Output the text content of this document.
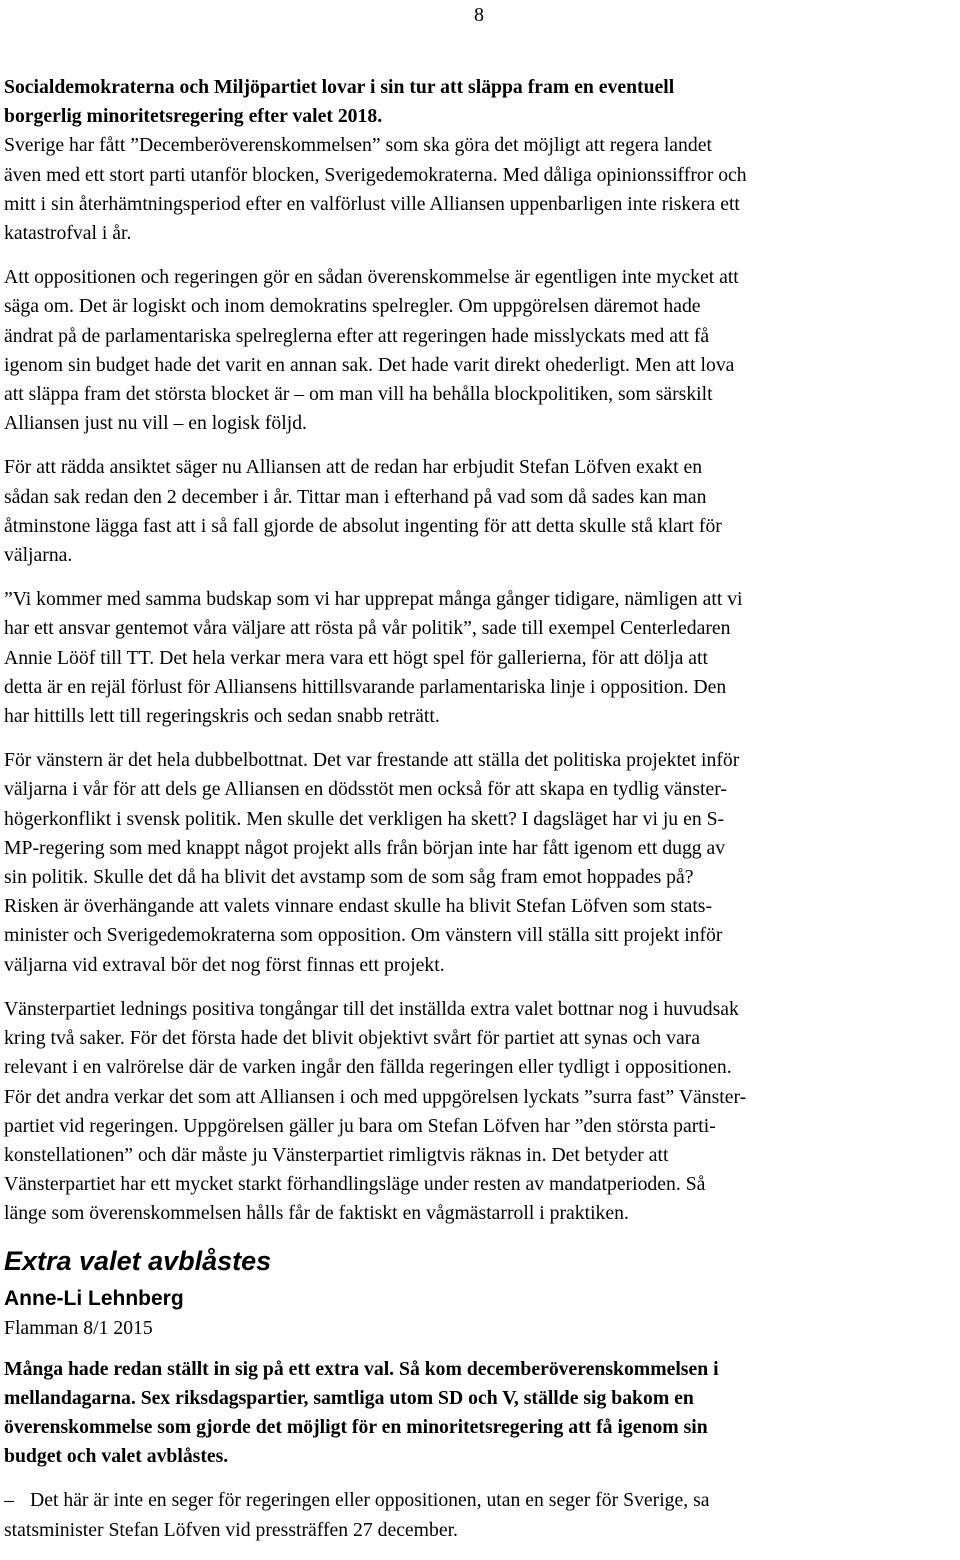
8

Socialdemokraterna och Miljöpartiet lovar i sin tur att släppa fram en eventuell
borgerlig minoritetsregering efter valet 2018.

Sverige har fått ”Decemberöverenskommelsen” som ska göra det möjligt att regera landet
även med ett stort parti utanför blocken, Sverigedemokraterna. Med dåliga opinionssiffror och
mitt i sin återhämtningsperiod efter en valförlust ville Alliansen uppenbarligen inte riskera ett
katastrofval i år.

Att oppositionen och regeringen gör en sådan överenskommelse är egentligen inte mycket att
säga om. Det är logiskt och inom demokratins spelregler. Om uppgörelsen däremot hade
ändrat på de parlamentariska spelreglerna efter att regeringen hade misslyckats med att få
igenom sin budget hade det varit en annan sak. Det hade varit direkt ohederligt. Men att lova
att släppa fram det största blocket är – om man vill ha behålla blockpolitiken, som särskilt
Alliansen just nu vill – en logisk följd.

För att rädda ansiktet säger nu Alliansen att de redan har erbjudit Stefan Löfven exakt en
sådan sak redan den 2 december i år. Tittar man i efterhand på vad som då sades kan man
åtminstone lägga fast att i så fall gjorde de absolut ingenting för att detta skulle stå klart för
väljarna.

”Vi kommer med samma budskap som vi har upprepat många gånger tidigare, nämligen att vi
har ett ansvar gentemot våra väljare att rösta på vår politik”, sade till exempel Centerledaren
Annie Lööf till TT. Det hela verkar mera vara ett högt spel för gallerierna, för att dölja att
detta är en rejäl förlust för Alliansens hittillsvarande parlamentariska linje i opposition. Den
har hittills lett till regeringskris och sedan snabb reträtt.

För vänstern är det hela dubbelbottnat. Det var frestande att ställa det politiska projektet inför
väljarna i vår för att dels ge Alliansen en dödsstöt men också för att skapa en tydlig vänster-
högerkonflikt i svensk politik. Men skulle det verkligen ha skett? I dagsläget har vi ju en S-
MP-regering som med knappt något projekt alls från början inte har fått igenom ett dugg av
sin politik. Skulle det då ha blivit det avstamp som de som såg fram emot hoppades på?
Risken är överhängande att valets vinnare endast skulle ha blivit Stefan Löfven som stats-
minister och Sverigedemokraterna som opposition. Om vänstern vill ställa sitt projekt inför
väljarna vid extraval bör det nog först finnas ett projekt.

Vänsterpartiet lednings positiva tongångar till det inställda extra valet bottnar nog i huvudsak
kring två saker. För det första hade det blivit objektivt svårt för partiet att synas och vara
relevant i en valrörelse där de varken ingår den fällda regeringen eller tydligt i oppositionen.
För det andra verkar det som att Alliansen i och med uppgörelsen lyckats ”surra fast” Vänster-
partiet vid regeringen. Uppgörelsen gäller ju bara om Stefan Löfven har ”den största parti-
konstellationen” och där måste ju Vänsterpartiet rimligtvis räknas in. Det betyder att
Vänsterpartiet har ett mycket starkt förhandlingsläge under resten av mandatperioden. Så
länge som överenskommelsen hålls får de faktiskt en vågmästarroll i praktiken.

Extra valet avblåstes
Anne-Li Lehnberg
Flamman 8/1 2015

Många hade redan ställt in sig på ett extra val. Så kom decemberöverenskommelsen i
mellandagarna. Sex riksdagspartier, samtliga utom SD och V, ställde sig bakom en
överenskommelse som gjorde det möjligt för en minoritetsregering att få igenom sin
budget och valet avblåstes.

– Det här är inte en seger för regeringen eller oppositionen, utan en seger för Sverige, sa
statsminister Stefan Löfven vid pressträffen 27 december.
